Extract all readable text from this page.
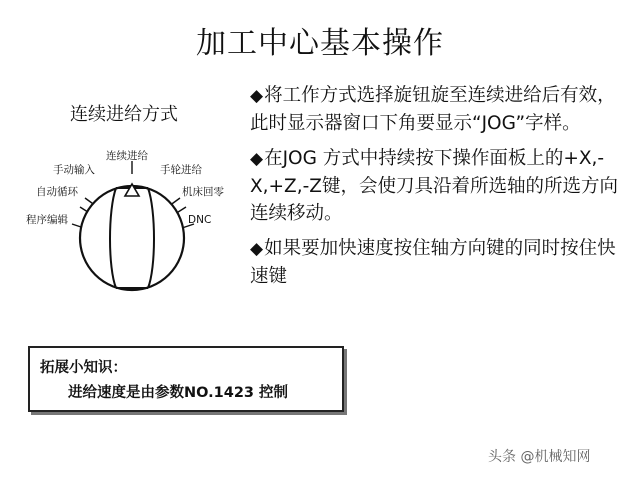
加工中心基本操作
连续进给方式
连续进给
手动输入	手轮进给
自动循环	机床回零
程序编辑	DNC
◆将工作方式选择旋钮旋至连续进给后有效，此时显示器窗口下角要显示“JOG”字样。
◆在JOG 方式中持续按下操作面板上的+X,-X,+Z,-Z键，会使刀具沿着所选轴的所选方向连续移动。
◆如果要加快速度按住轴方向键的同时按住快速键
拓展小知识：
进给速度是由参数NO.1423 控制
头条 @机械知网
